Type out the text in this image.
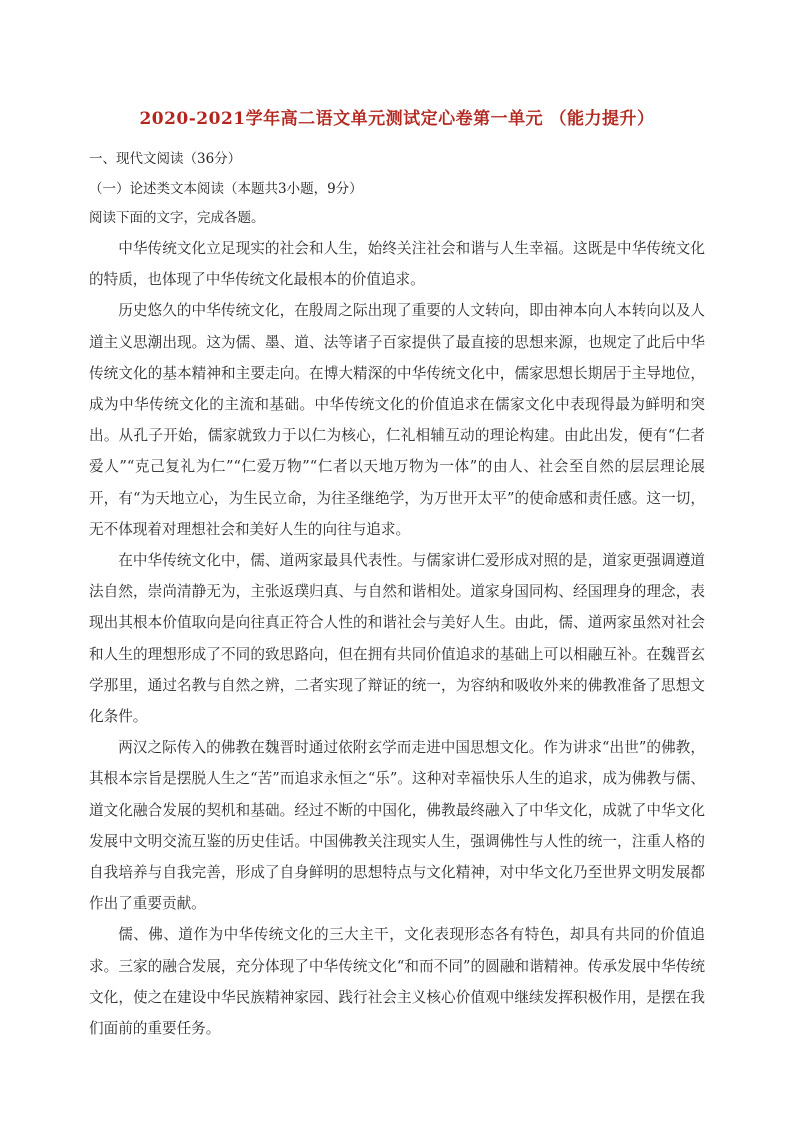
2020-2021学年高二语文单元测试定心卷第一单元 （能力提升）
一、现代文阅读（36分）
（一）论述类文本阅读（本题共3小题，9分）
阅读下面的文字，完成各题。

中华传统文化立足现实的社会和人生，始终关注社会和谐与人生幸福。这既是中华传统文化的特质，也体现了中华传统文化最根本的价值追求。

历史悠久的中华传统文化，在殷周之际出现了重要的人文转向，即由神本向人本转向以及人道主义思潮出现。这为儒、墨、道、法等诸子百家提供了最直接的思想来源，也规定了此后中华传统文化的基本精神和主要走向。在博大精深的中华传统文化中，儒家思想长期居于主导地位，成为中华传统文化的主流和基础。中华传统文化的价值追求在儒家文化中表现得最为鲜明和突出。从孔子开始，儒家就致力于以仁为核心，仁礼相辅互动的理论构建。由此出发，便有“仁者爱人”“克己复礼为仁”“仁爱万物”“仁者以天地万物为一体”的由人、社会至自然的层层理论展开，有“为天地立心，为生民立命，为往圣继绝学，为万世开太平”的使命感和责任感。这一切，无不体现着对理想社会和美好人生的向往与追求。

在中华传统文化中，儒、道两家最具代表性。与儒家讲仁爱形成对照的是，道家更强调遵道法自然，崇尚清静无为，主张返璞归真、与自然和谐相处。道家身国同构、经国理身的理念，表现出其根本价值取向是向往真正符合人性的和谐社会与美好人生。由此，儒、道两家虽然对社会和人生的理想形成了不同的致思路向，但在拥有共同价值追求的基础上可以相融互补。在魏晋玄学那里，通过名教与自然之辨，二者实现了辩证的统一，为容纳和吸收外来的佛教准备了思想文化条件。

两汉之际传入的佛教在魏晋时通过依附玄学而走进中国思想文化。作为讲求“出世”的佛教，其根本宗旨是摆脱人生之“苦”而追求永恒之“乐”。这种对幸福快乐人生的追求，成为佛教与儒、道文化融合发展的契机和基础。经过不断的中国化，佛教最终融入了中华文化，成就了中华文化发展中文明交流互鉴的历史佳话。中国佛教关注现实人生，强调佛性与人性的统一，注重人格的自我培养与自我完善，形成了自身鲜明的思想特点与文化精神，对中华文化乃至世界文明发展都作出了重要贡献。

儒、佛、道作为中华传统文化的三大主干，文化表现形态各有特色，却具有共同的价值追求。三家的融合发展，充分体现了中华传统文化“和而不同”的圆融和谐精神。传承发展中华传统文化，使之在建设中华民族精神家园、践行社会主义核心价值观中继续发挥积极作用，是摆在我们面前的重要任务。
